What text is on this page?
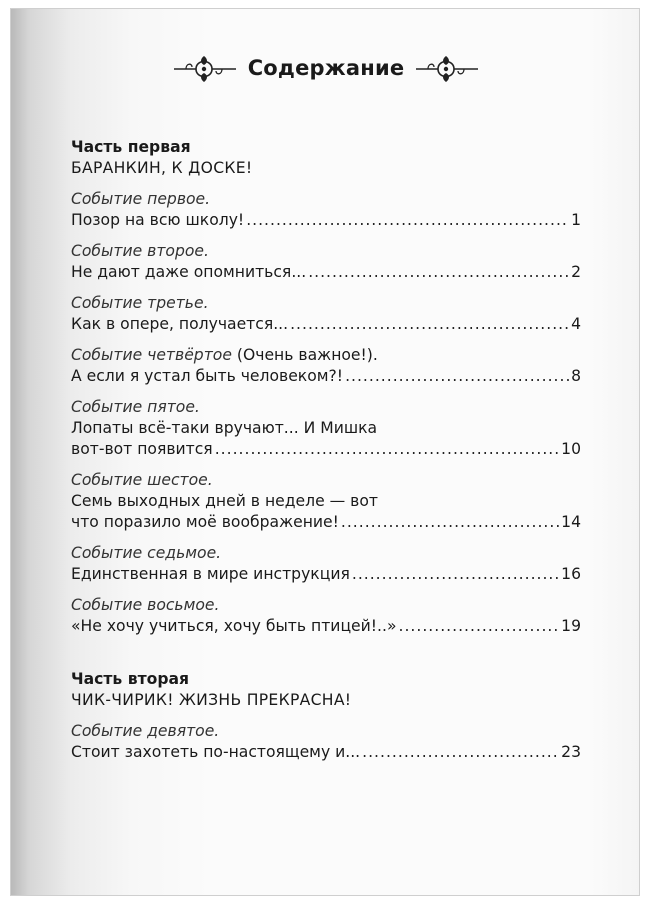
Содержание
Часть первая
БАРАНКИН, К ДОСКЕ!
Событие первое.
Позор на всю школу! .....	1
Событие второе.
Не дают даже опомниться... .....	2
Событие третье.
Как в опере, получается... .....	4
Событие четвёртое (Очень важное!).
А если я устал быть человеком?! .....	8
Событие пятое.
Лопаты всё-таки вручают... И Мишка
вот-вот появится .....	10
Событие шестое.
Семь выходных дней в неделе — вот
что поразило моё воображение! .....	14
Событие седьмое.
Единственная в мире инструкция .....	16
Событие восьмое.
«Не хочу учиться, хочу быть птицей!..» .....	19
Часть вторая
ЧИК-ЧИРИК! ЖИЗНЬ ПРЕКРАСНА!
Событие девятое.
Стоит захотеть по-настоящему и... .....	23
